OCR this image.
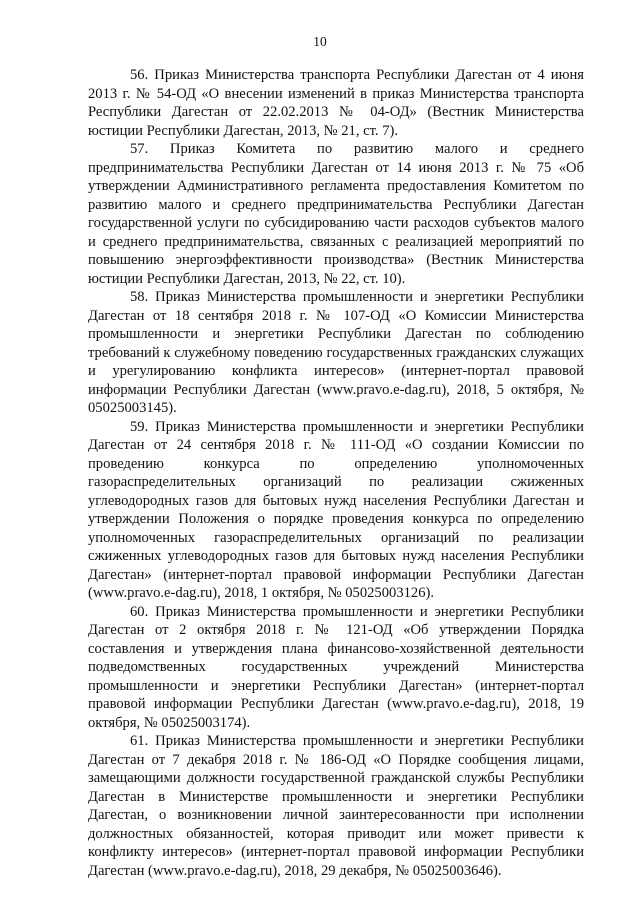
10

56. Приказ Министерства транспорта Республики Дагестан от 4 июня 2013 г. № 54-ОД «О внесении изменений в приказ Министерства транспорта Республики Дагестан от 22.02.2013 № 04-ОД» (Вестник Министерства юстиции Республики Дагестан, 2013, № 21, ст. 7).

57. Приказ Комитета по развитию малого и среднего предпринимательства Республики Дагестан от 14 июня 2013 г. № 75 «Об утверждении Административного регламента предоставления Комитетом по развитию малого и среднего предпринимательства Республики Дагестан государственной услуги по субсидированию части расходов субъектов малого и среднего предпринимательства, связанных с реализацией мероприятий по повышению энергоэффективности производства» (Вестник Министерства юстиции Республики Дагестан, 2013, № 22, ст. 10).

58. Приказ Министерства промышленности и энергетики Республики Дагестан от 18 сентября 2018 г. № 107-ОД «О Комиссии Министерства промышленности и энергетики Республики Дагестан по соблюдению требований к служебному поведению государственных гражданских служащих и урегулированию конфликта интересов» (интернет-портал правовой информации Республики Дагестан (www.pravo.e-dag.ru), 2018, 5 октября, № 05025003145).

59. Приказ Министерства промышленности и энергетики Республики Дагестан от 24 сентября 2018 г. № 111-ОД «О создании Комиссии по проведению конкурса по определению уполномоченных газораспределительных организаций по реализации сжиженных углеводородных газов для бытовых нужд населения Республики Дагестан и утверждении Положения о порядке проведения конкурса по определению уполномоченных газораспределительных организаций по реализации сжиженных углеводородных газов для бытовых нужд населения Республики Дагестан» (интернет-портал правовой информации Республики Дагестан (www.pravo.e-dag.ru), 2018, 1 октября, № 05025003126).

60. Приказ Министерства промышленности и энергетики Республики Дагестан от 2 октября 2018 г. № 121-ОД «Об утверждении Порядка составления и утверждения плана финансово-хозяйственной деятельности подведомственных государственных учреждений Министерства промышленности и энергетики Республики Дагестан» (интернет-портал правовой информации Республики Дагестан (www.pravo.e-dag.ru), 2018, 19 октября, № 05025003174).

61. Приказ Министерства промышленности и энергетики Республики Дагестан от 7 декабря 2018 г. № 186-ОД «О Порядке сообщения лицами, замещающими должности государственной гражданской службы Республики Дагестан в Министерстве промышленности и энергетики Республики Дагестан, о возникновении личной заинтересованности при исполнении должностных обязанностей, которая приводит или может привести к конфликту интересов» (интернет-портал правовой информации Республики Дагестан (www.pravo.e-dag.ru), 2018, 29 декабря, № 05025003646).
